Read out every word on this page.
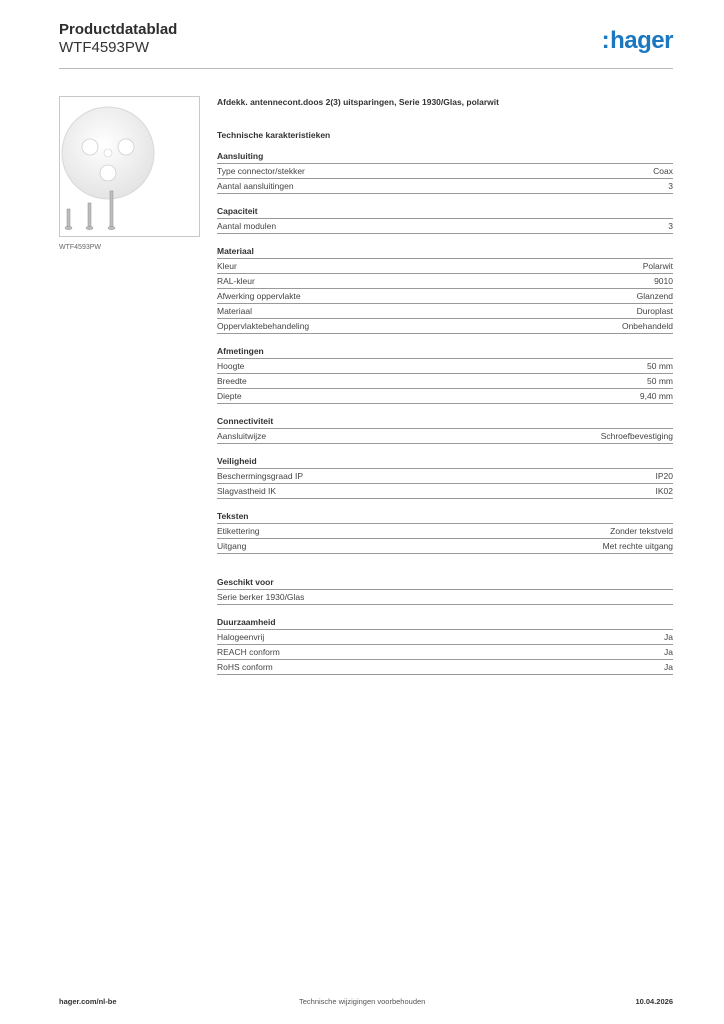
Productdatablad
WTF4593PW	:hager
WTF4593PW
Afdekk. antennecont.doos 2(3) uitsparingen, Serie 1930/Glas, polarwit
Technische karakteristieken
Aansluiting
Type connector/stekker	Coax
Aantal aansluitingen	3
Capaciteit
Aantal modulen	3
Materiaal
Kleur	Polarwit
RAL-kleur	9010
Afwerking oppervlakte	Glanzend
Materiaal	Duroplast
Oppervlaktebehandeling	Onbehandeld
Afmetingen
Hoogte	50 mm
Breedte	50 mm
Diepte	9,40 mm
Connectiviteit
Aansluitwijze	Schroefbevestiging
Veiligheid
Beschermingsgraad IP	IP20
Slagvastheid IK	IK02
Teksten
Etikettering	Zonder tekstveld
Uitgang	Met rechte uitgang
Geschikt voor
Serie berker 1930/Glas
Duurzaamheid
Halogeenvrij	Ja
REACH conform	Ja
RoHS conform	Ja
hager.com/nl-be	Technische wijzigingen voorbehouden	10.04.2026
